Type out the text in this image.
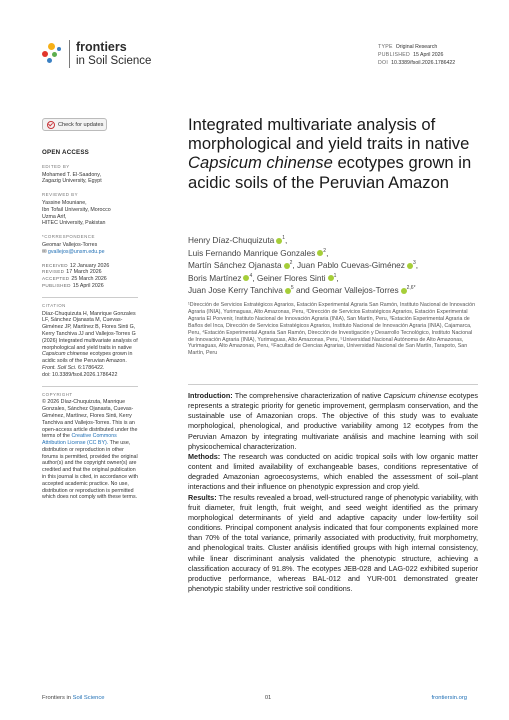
frontiers
in Soil Science
TYPE Original Research
PUBLISHED 15 April 2026
DOI 10.3389/fsoil.2026.1786422
Check for updates
OPEN ACCESS
EDITED BY
Mohamed T. El-Saadony,
Zagazig University, Egypt
REVIEWED BY
Yassine Mouniane,
Ibn Tofail University, Morocco
Uzma Arif,
HITEC University, Pakistan
*CORRESPONDENCE
Geomar Vallejos-Torres
✉ gvallejos@unsm.edu.pe
RECEIVED 12 January 2026
REVISED 17 March 2026
ACCEPTED 25 March 2026
PUBLISHED 15 April 2026
CITATION
Díaz-Chuquizuta H, Manrique Gonzales LF, Sánchez Ojanasta M, Cuevas-Giménez JP, Martínez B, Flores Sinti G, Kerry Tanchiva JJ and Vallejos-Torres G (2026) Integrated multivariate analysis of morphological and yield traits in native Capsicum chinense ecotypes grown in acidic soils of the Peruvian Amazon. Front. Soil Sci. 6:1786422.
doi: 10.3389/fsoil.2026.1786422
COPYRIGHT
© 2026 Díaz-Chuquizuta, Manrique Gonzales, Sánchez Ojanasta, Cuevas-Giménez, Martínez, Flores Sinti, Kerry Tanchiva and Vallejos-Torres. This is an open-access article distributed under the terms of the Creative Commons Attribution License (CC BY). The use, distribution or reproduction in other forums is permitted, provided the original author(s) and the copyright owner(s) are credited and that the original publication in this journal is cited, in accordance with accepted academic practice. No use, distribution or reproduction is permitted which does not comply with these terms.
Integrated multivariate analysis of morphological and yield traits in native Capsicum chinense ecotypes grown in acidic soils of the Peruvian Amazon
Henry Díaz-Chuquizuta $^1$,
Luis Fernando Manrique Gonzales $^2$,
Martín Sánchez Ojanasta $^2$, Juan Pablo Cuevas-Giménez $^3$,
Boris Martínez $^4$, Geiner Flores Sinti $^1$,
Juan Jose Kerry Tanchiva $^5$ and Geomar Vallejos-Torres $^{2,6*}$
¹Dirección de Servicios Estratégicos Agrarios, Estación Experimental Agraria San Ramón, Instituto Nacional de Innovación Agraria (INIA), Yurimaguas, Alto Amazonas, Peru, ²Dirección de Servicios Estratégicos Agrarios, Estación Experimental Agraria El Porvenir, Instituto Nacional de Innovación Agraria (INIA), San Martín, Peru, ³Estación Experimental Agraria de Baños del Inca, Dirección de Servicios Estratégicos Agrarios, Instituto Nacional de Innovación Agraria (INIA), Cajamarca, Peru, ⁴Estación Experimental Agraria San Ramón, Dirección de Investigación y Desarrollo Tecnológico, Instituto Nacional de Innovación Agraria (INIA), Yurimaguas, Alto Amazonas, Peru, ⁵Universidad Nacional Autónoma de Alto Amazonas, Yurimaguas, Alto Amazonas, Peru, ⁶Facultad de Ciencias Agrarias, Universidad Nacional de San Martín, Tarapoto, San Martín, Peru

Introduction: The comprehensive characterization of native Capsicum chinense ecotypes represents a strategic priority for genetic improvement, germplasm conservation, and the sustainable use of Amazonian crops. The objective of this study was to evaluate morphological, phenological, and productive variability among 12 ecotypes from the Peruvian Amazon by integrating multivariate análisis and machine learning with soil physicochemical characterization.

Methods: The research was conducted on acidic tropical soils with low organic matter content and limited availability of exchangeable bases, conditions representative of degraded Amazonian agroecosystems, which enabled the assessment of soil–plant interactions and their influence on phenotypic expression and crop yield.

Results: The results revealed a broad, well-structured range of phenotypic variability, with fruit diameter, fruit length, fruit weight, and seed weight identified as the primary morphological determinants of yield and adaptive capacity under low-fertility soil conditions. Principal component analysis indicated that four components explained more than 70% of the total variance, primarily associated with productivity, fruit morphometry, and phenological traits. Cluster análisis identified groups with high internal consistency, while linear discriminant analysis validated the phenotypic structure, achieving a classification accuracy of 91.8%. The ecotypes JEB-028 and LAG-022 exhibited superior productive performance, whereas BAL-012 and YUR-001 demonstrated greater phenotypic stability under restrictive soil conditions.

Frontiers in Soil Science	01	frontiersin.org
